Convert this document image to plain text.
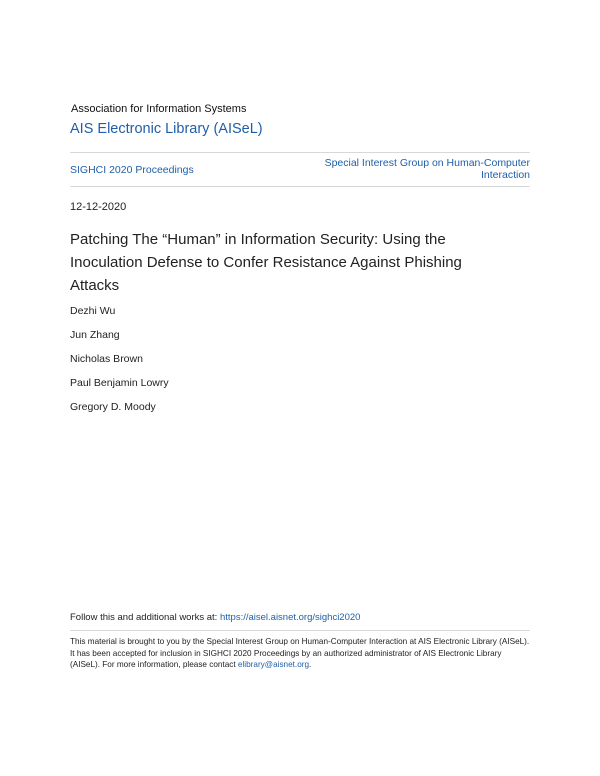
Association for Information Systems
AIS Electronic Library (AISeL)
SIGHCI 2020 Proceedings
Special Interest Group on Human-Computer
Interaction
12-12-2020
Patching The “Human” in Information Security: Using the Inoculation Defense to Confer Resistance Against Phishing Attacks
Dezhi Wu
Jun Zhang
Nicholas Brown
Paul Benjamin Lowry
Gregory D. Moody
Follow this and additional works at: https://aisel.aisnet.org/sighci2020
This material is brought to you by the Special Interest Group on Human-Computer Interaction at AIS Electronic Library (AISeL). It has been accepted for inclusion in SIGHCI 2020 Proceedings by an authorized administrator of AIS Electronic Library (AISeL). For more information, please contact elibrary@aisnet.org.
